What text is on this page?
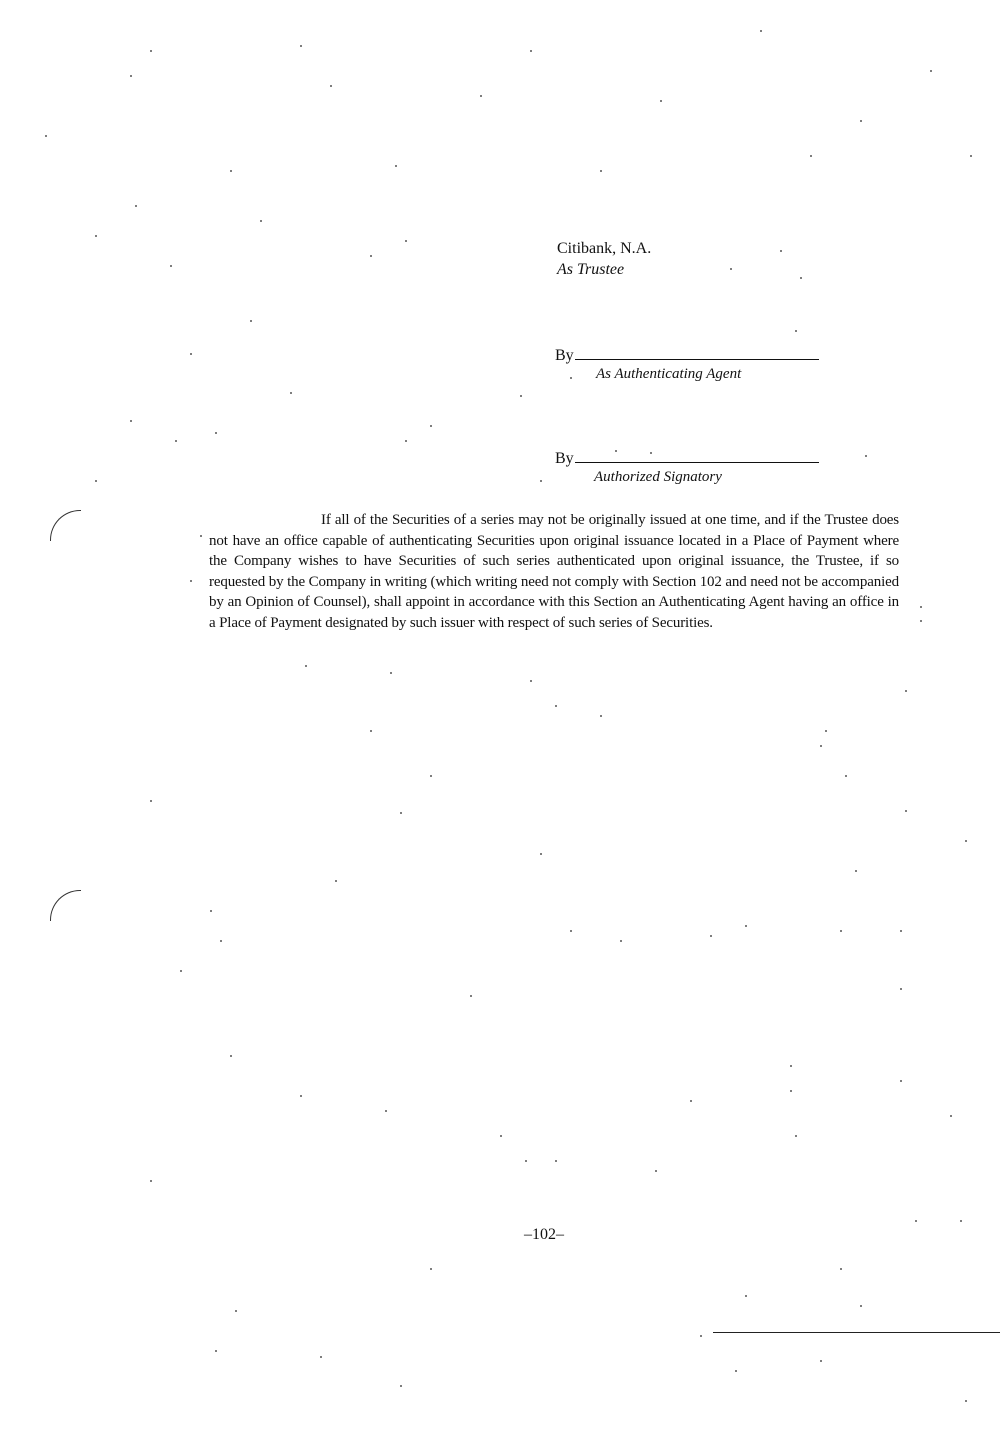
Citibank, N.A.
As Trustee
By
As Authenticating Agent
By
Authorized Signatory

If all of the Securities of a series may not be originally issued at one time, and if the Trustee does not have an office capable of authenticating Securities upon original issuance located in a Place of Payment where the Company wishes to have Securities of such series authenticated upon original issuance, the Trustee, if so requested by the Company in writing (which writing need not comply with Section 102 and need not be accompanied by an Opinion of Counsel), shall appoint in accordance with this Section an Authenticating Agent having an office in a Place of Payment designated by such issuer with respect of such series of Securities.

–102–
